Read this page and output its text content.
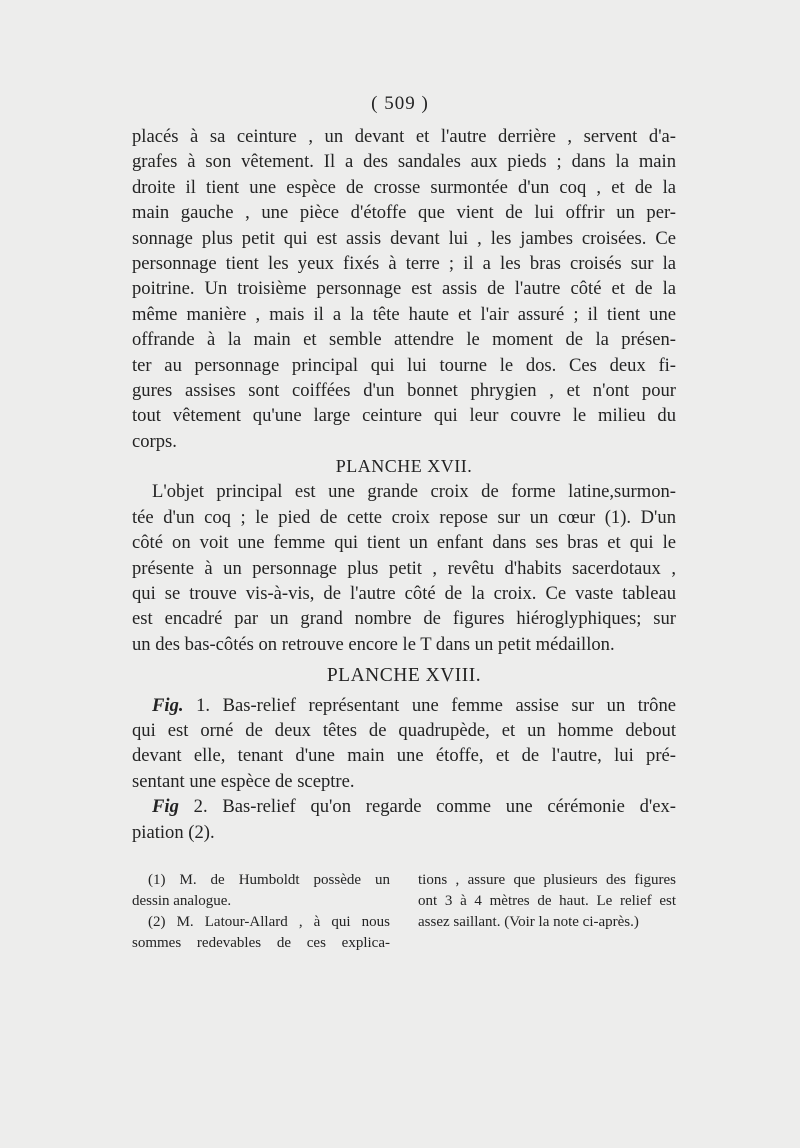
( 509 )
placés à sa ceinture , un devant et l'autre derrière , servent d'a-
grafes à son vêtement. Il a des sandales aux pieds ; dans la main
droite il tient une espèce de crosse surmontée d'un coq , et de la
main gauche , une pièce d'étoffe que vient de lui offrir un per-
sonnage plus petit qui est assis devant lui , les jambes croisées. Ce
personnage tient les yeux fixés à terre ; il a les bras croisés sur la
poitrine. Un troisième personnage est assis de l'autre côté et de la
même manière , mais il a la tête haute et l'air assuré ; il tient une
offrande à la main et semble attendre le moment de la présen-
ter au personnage principal qui lui tourne le dos. Ces deux fi-
gures assises sont coiffées d'un bonnet phrygien , et n'ont pour
tout vêtement qu'une large ceinture qui leur couvre le milieu du
corps.
PLANCHE XVII.
L'objet principal est une grande croix de forme latine,surmon-
tée d'un coq ; le pied de cette croix repose sur un cœur (1). D'un
côté on voit une femme qui tient un enfant dans ses bras et qui le
présente à un personnage plus petit , revêtu d'habits sacerdotaux ,
qui se trouve vis-à-vis, de l'autre côté de la croix. Ce vaste tableau
est encadré par un grand nombre de figures hiéroglyphiques; sur
un des bas-côtés on retrouve encore le T dans un petit médaillon.
PLANCHE XVIII.
Fig. 1. Bas-relief représentant une femme assise sur un trône
qui est orné de deux têtes de quadrupède, et un homme debout
devant elle, tenant d'une main une étoffe, et de l'autre, lui pré-
sentant une espèce de sceptre.
Fig 2. Bas-relief qu'on regarde comme une cérémonie d'ex-
piation (2).
(1) M. de Humboldt possède un
dessin analogue.
(2) M. Latour-Allard , à qui nous
sommes redevables de ces explica-
tions , assure que plusieurs des figures
ont 3 à 4 mètres de haut. Le relief est
assez saillant. (Voir la note ci-après.)
